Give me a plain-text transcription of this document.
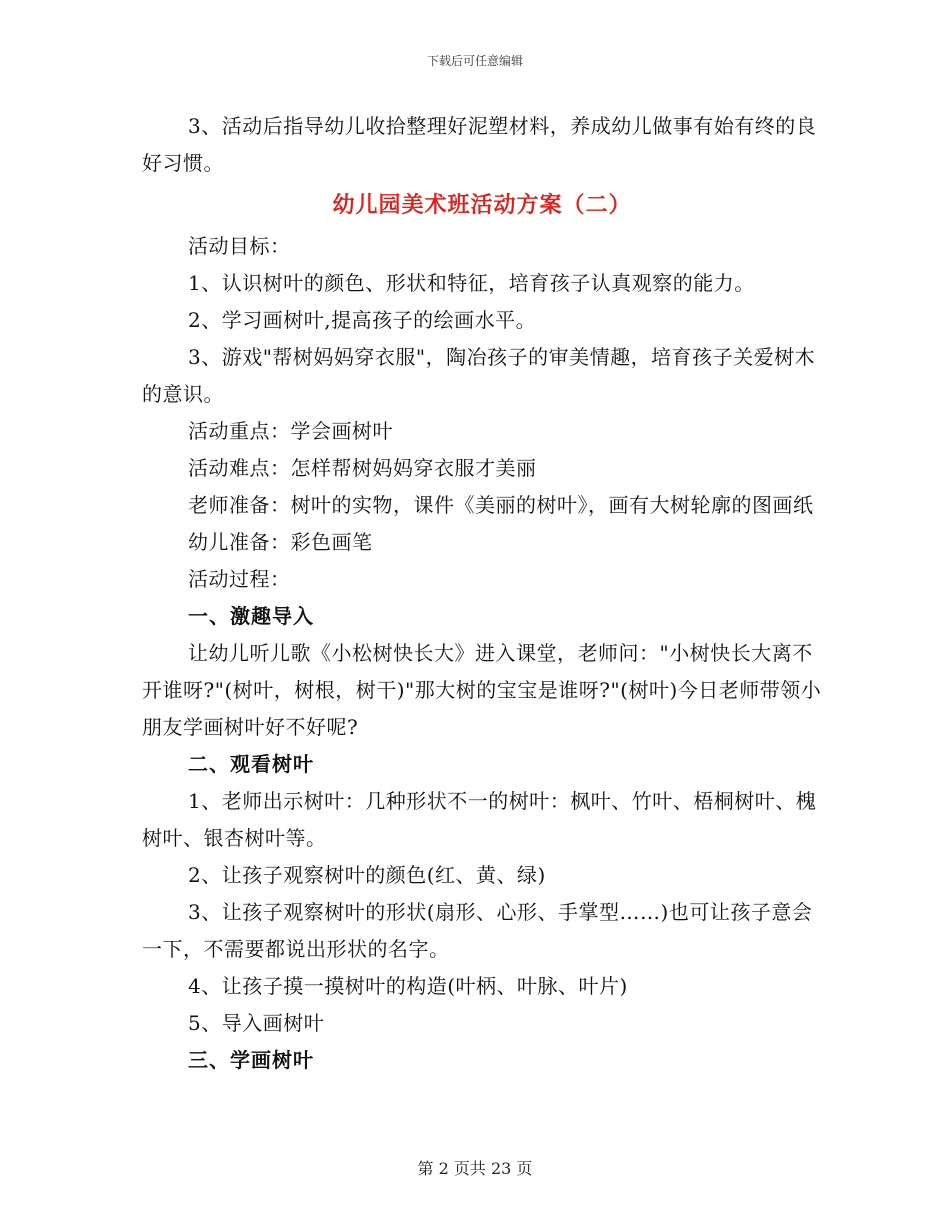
下载后可任意编辑

3、活动后指导幼儿收拾整理好泥塑材料，养成幼儿做事有始有终的良好习惯。

幼儿园美术班活动方案（二）

活动目标：

1、认识树叶的颜色、形状和特征，培育孩子认真观察的能力。

2、学习画树叶,提高孩子的绘画水平。

3、游戏"帮树妈妈穿衣服"，陶冶孩子的审美情趣，培育孩子关爱树木的意识。

活动重点：学会画树叶

活动难点：怎样帮树妈妈穿衣服才美丽

老师准备：树叶的实物，课件《美丽的树叶》，画有大树轮廓的图画纸

幼儿准备：彩色画笔

活动过程：

一、激趣导入

让幼儿听儿歌《小松树快长大》进入课堂，老师问："小树快长大离不开谁呀?"(树叶，树根，树干)"那大树的宝宝是谁呀?"(树叶)今日老师带领小朋友学画树叶好不好呢?

二、观看树叶

1、老师出示树叶：几种形状不一的树叶：枫叶、竹叶、梧桐树叶、槐树叶、银杏树叶等。

2、让孩子观察树叶的颜色(红、黄、绿)

3、让孩子观察树叶的形状(扇形、心形、手掌型……)也可让孩子意会一下，不需要都说出形状的名字。

4、让孩子摸一摸树叶的构造(叶柄、叶脉、叶片)

5、导入画树叶

三、学画树叶
第 2 页共 23 页
